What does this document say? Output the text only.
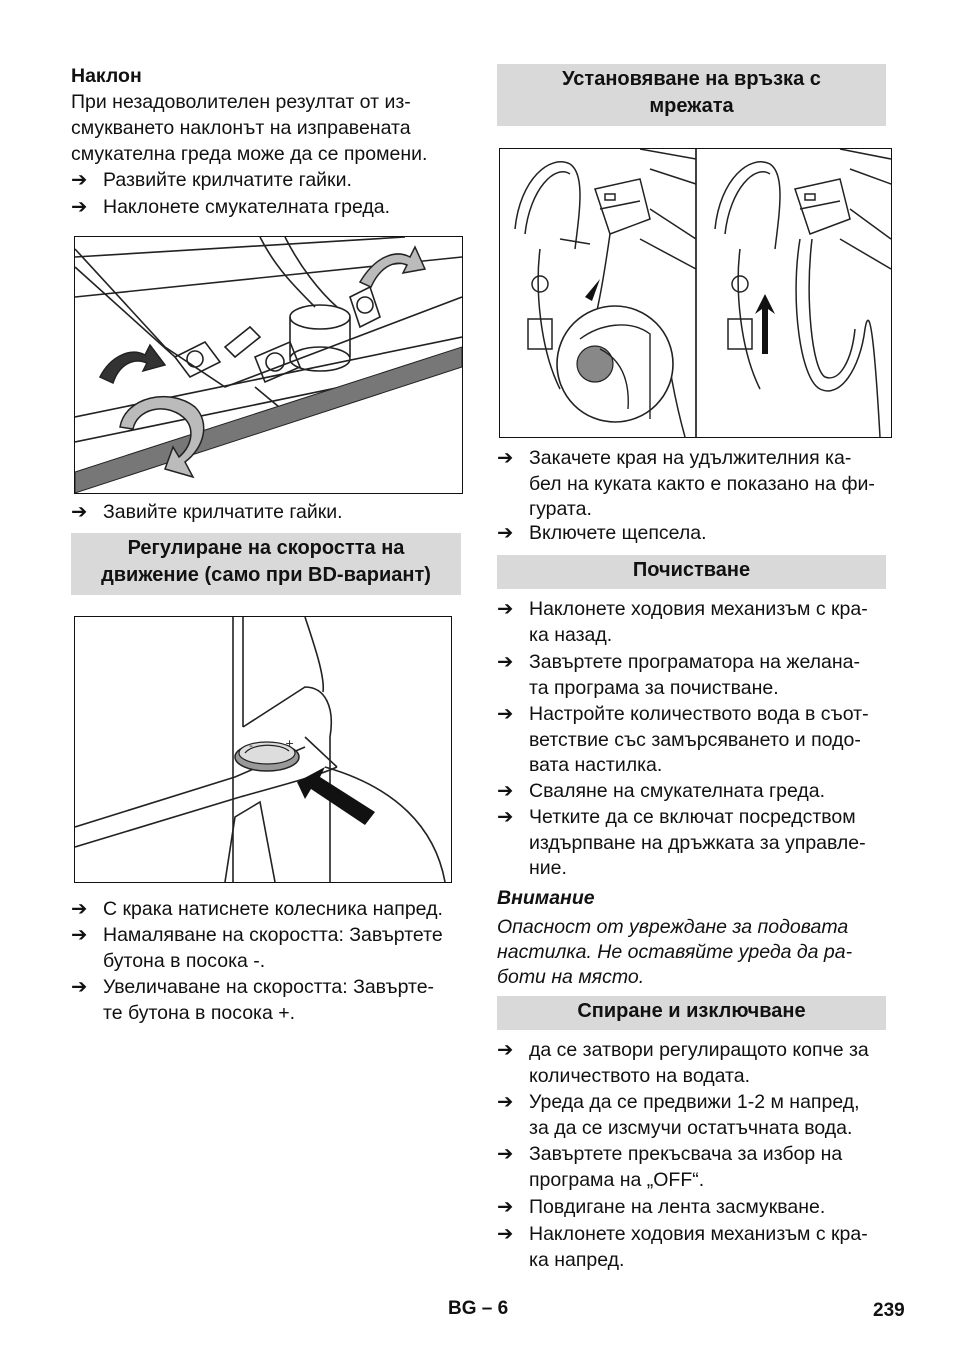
Наклон
При незадоволителен резултат от из-
смукването наклонът на изправената
смукателна греда може да се промени.
➔ Развийте крилчатите гайки.
➔ Наклонете смукателната греда.
➔ Завийте крилчатите гайки.
Регулиране на скоростта на
движение (само при BD-вариант)
+
-
➔ С крака натиснете колесника напред.
➔ Намаляване на скоростта: Завъртете
бутона в посока -.
➔ Увеличаване на скоростта: Завърте-
те бутона в посока +.
Установяване на връзка с
мрежата
➔ Закачете края на удължителния ка-
бел на куката както е показано на фи-
гурата.
➔ Включете щепсела.
Почистване
➔ Наклонете ходовия механизъм с кра-
ка назад.
➔ Завъртете програматора на желана-
та програма за почистване.
➔ Настройте количеството вода в съот-
ветствие със замърсяването и подо-
вата настилка.
➔ Сваляне на смукателната греда.
➔ Четките да се включат посредством
издърпване на дръжката за управле-
ние.
Внимание
Опасност от увреждане за подовата
настилка. Не оставяйте уреда да ра-
боти на място.
Спиране и изключване
➔ да се затвори регулиращото копче за
количеството на водата.
➔ Уреда да се предвижи 1-2 м напред,
за да се изсмучи остатъчната вода.
➔ Завъртете прекъсвача за избор на
програма на „OFF“.
➔ Повдигане на лента засмукване.
➔ Наклонете ходовия механизъм с кра-
ка напред.
BG – 6	239
